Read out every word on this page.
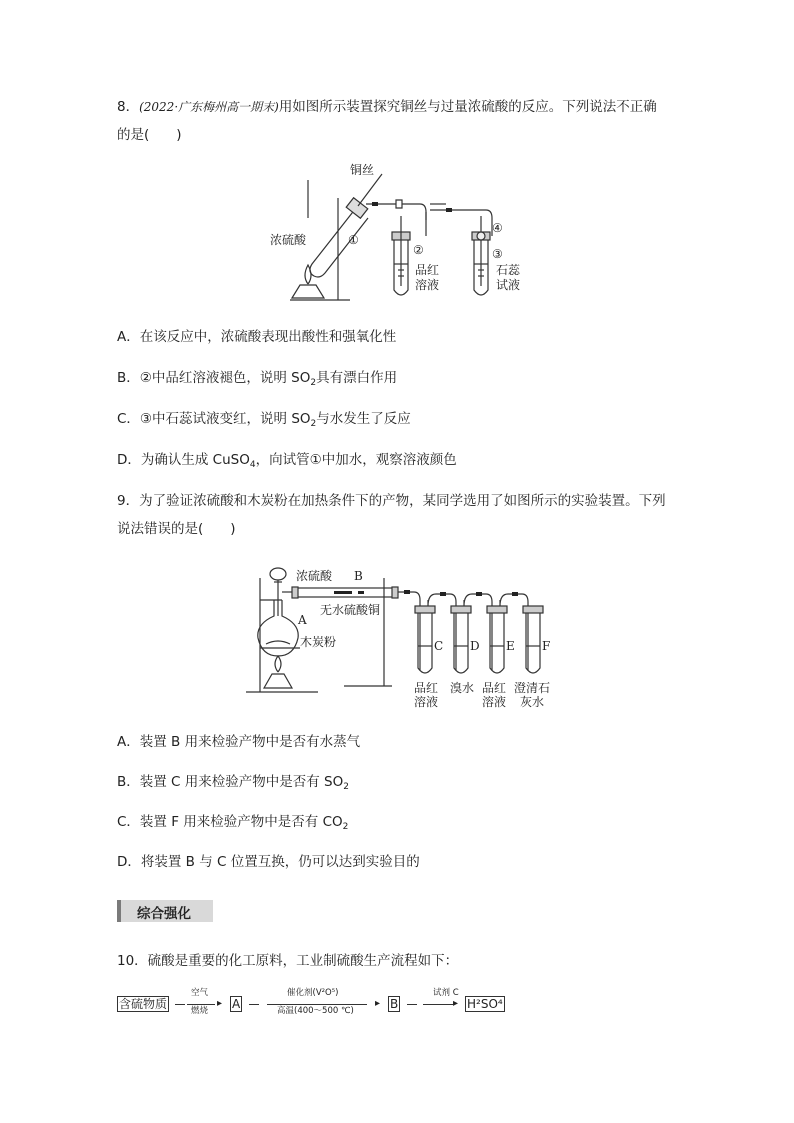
8．(2022·广东梅州高一期末)用如图所示装置探究铜丝与过量浓硫酸的反应。下列说法不正确
的是(　　)
铜丝
浓硫酸	①
②	③
④
品红
溶液
石蕊
试液
A．在该反应中，浓硫酸表现出酸性和强氧化性
B．②中品红溶液褪色，说明 $SO_2$具有漂白作用
C．③中石蕊试液变红，说明 $SO_2$与水发生了反应
D．为确认生成 CuSO$_4$，向试管①中加水，观察溶液颜色
9．为了验证浓硫酸和木炭粉在加热条件下的产物，某同学选用了如图所示的实验装置。下列
说法错误的是(　　)
浓硫酸 B
无水硫酸铜
A
木炭粉	C D E F
品红
溶液
溴水 品红
溶液
澄清石
灰水
A．装置 B 用来检验产物中是否有水蒸气
B．装置 C 用来检验产物中是否有 $SO_2$
C．装置 F 用来检验产物中是否有 $CO_2$
D．将装置 B 与 C 位置互换，仍可以达到实验目的
综合强化
10．硫酸是重要的化工原料，工业制硫酸生产流程如下：
含硫物质
空气
燃烧
▸ A
催化剂(V²O⁵)
高温(400～500 ℃)
▸ B
试剂 C
▸ H²SO⁴
